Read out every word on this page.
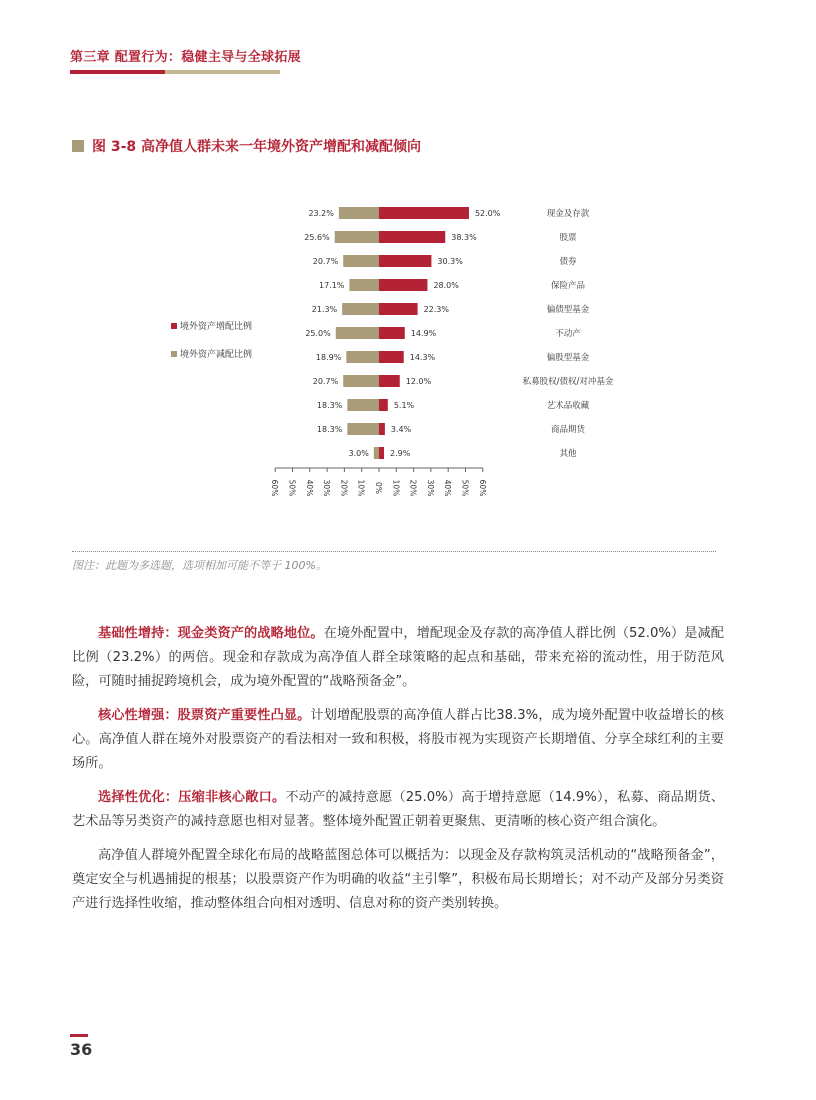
第三章 配置行为：稳健主导与全球拓展
图 3-8 高净值人群未来一年境外资产增配和减配倾向
23.2%	52.0%	现金及存款
25.6%	38.3%	股票
20.7%	30.3%	债券
17.1%	28.0%	保险产品
21.3%	22.3%	偏债型基金
25.0%	14.9%	不动产
18.9%	14.3%	偏股型基金
20.7%	12.0%	私募股权/债权/对冲基金
18.3%	5.1%	艺术品收藏
18.3%	3.4%	商品期货
3.0%	2.9%	其他
60% 50% 40% 30% 20% 10% 0% 10% 20% 30% 40% 50% 60%
境外资产增配比例
境外资产减配比例
图注：此题为多选题，选项相加可能不等于 100%。
基础性增持：现金类资产的战略地位。在境外配置中，增配现金及存款的高净值人群比例（52.0%）是减配比例（23.2%）的两倍。现金和存款成为高净值人群全球策略的起点和基础，带来充裕的流动性，用于防范风险，可随时捕捉跨境机会，成为境外配置的“战略预备金”。
核心性增强：股票资产重要性凸显。计划增配股票的高净值人群占比38.3%，成为境外配置中收益增长的核心。高净值人群在境外对股票资产的看法相对一致和积极，将股市视为实现资产长期增值、分享全球红利的主要场所。
选择性优化：压缩非核心敞口。不动产的减持意愿（25.0%）高于增持意愿（14.9%），私募、商品期货、艺术品等另类资产的减持意愿也相对显著。整体境外配置正朝着更聚焦、更清晰的核心资产组合演化。
高净值人群境外配置全球化布局的战略蓝图总体可以概括为：以现金及存款构筑灵活机动的“战略预备金”，奠定安全与机遇捕捉的根基；以股票资产作为明确的收益“主引擎”，积极布局长期增长；对不动产及部分另类资产进行选择性收缩，推动整体组合向相对透明、信息对称的资产类别转换。
36
